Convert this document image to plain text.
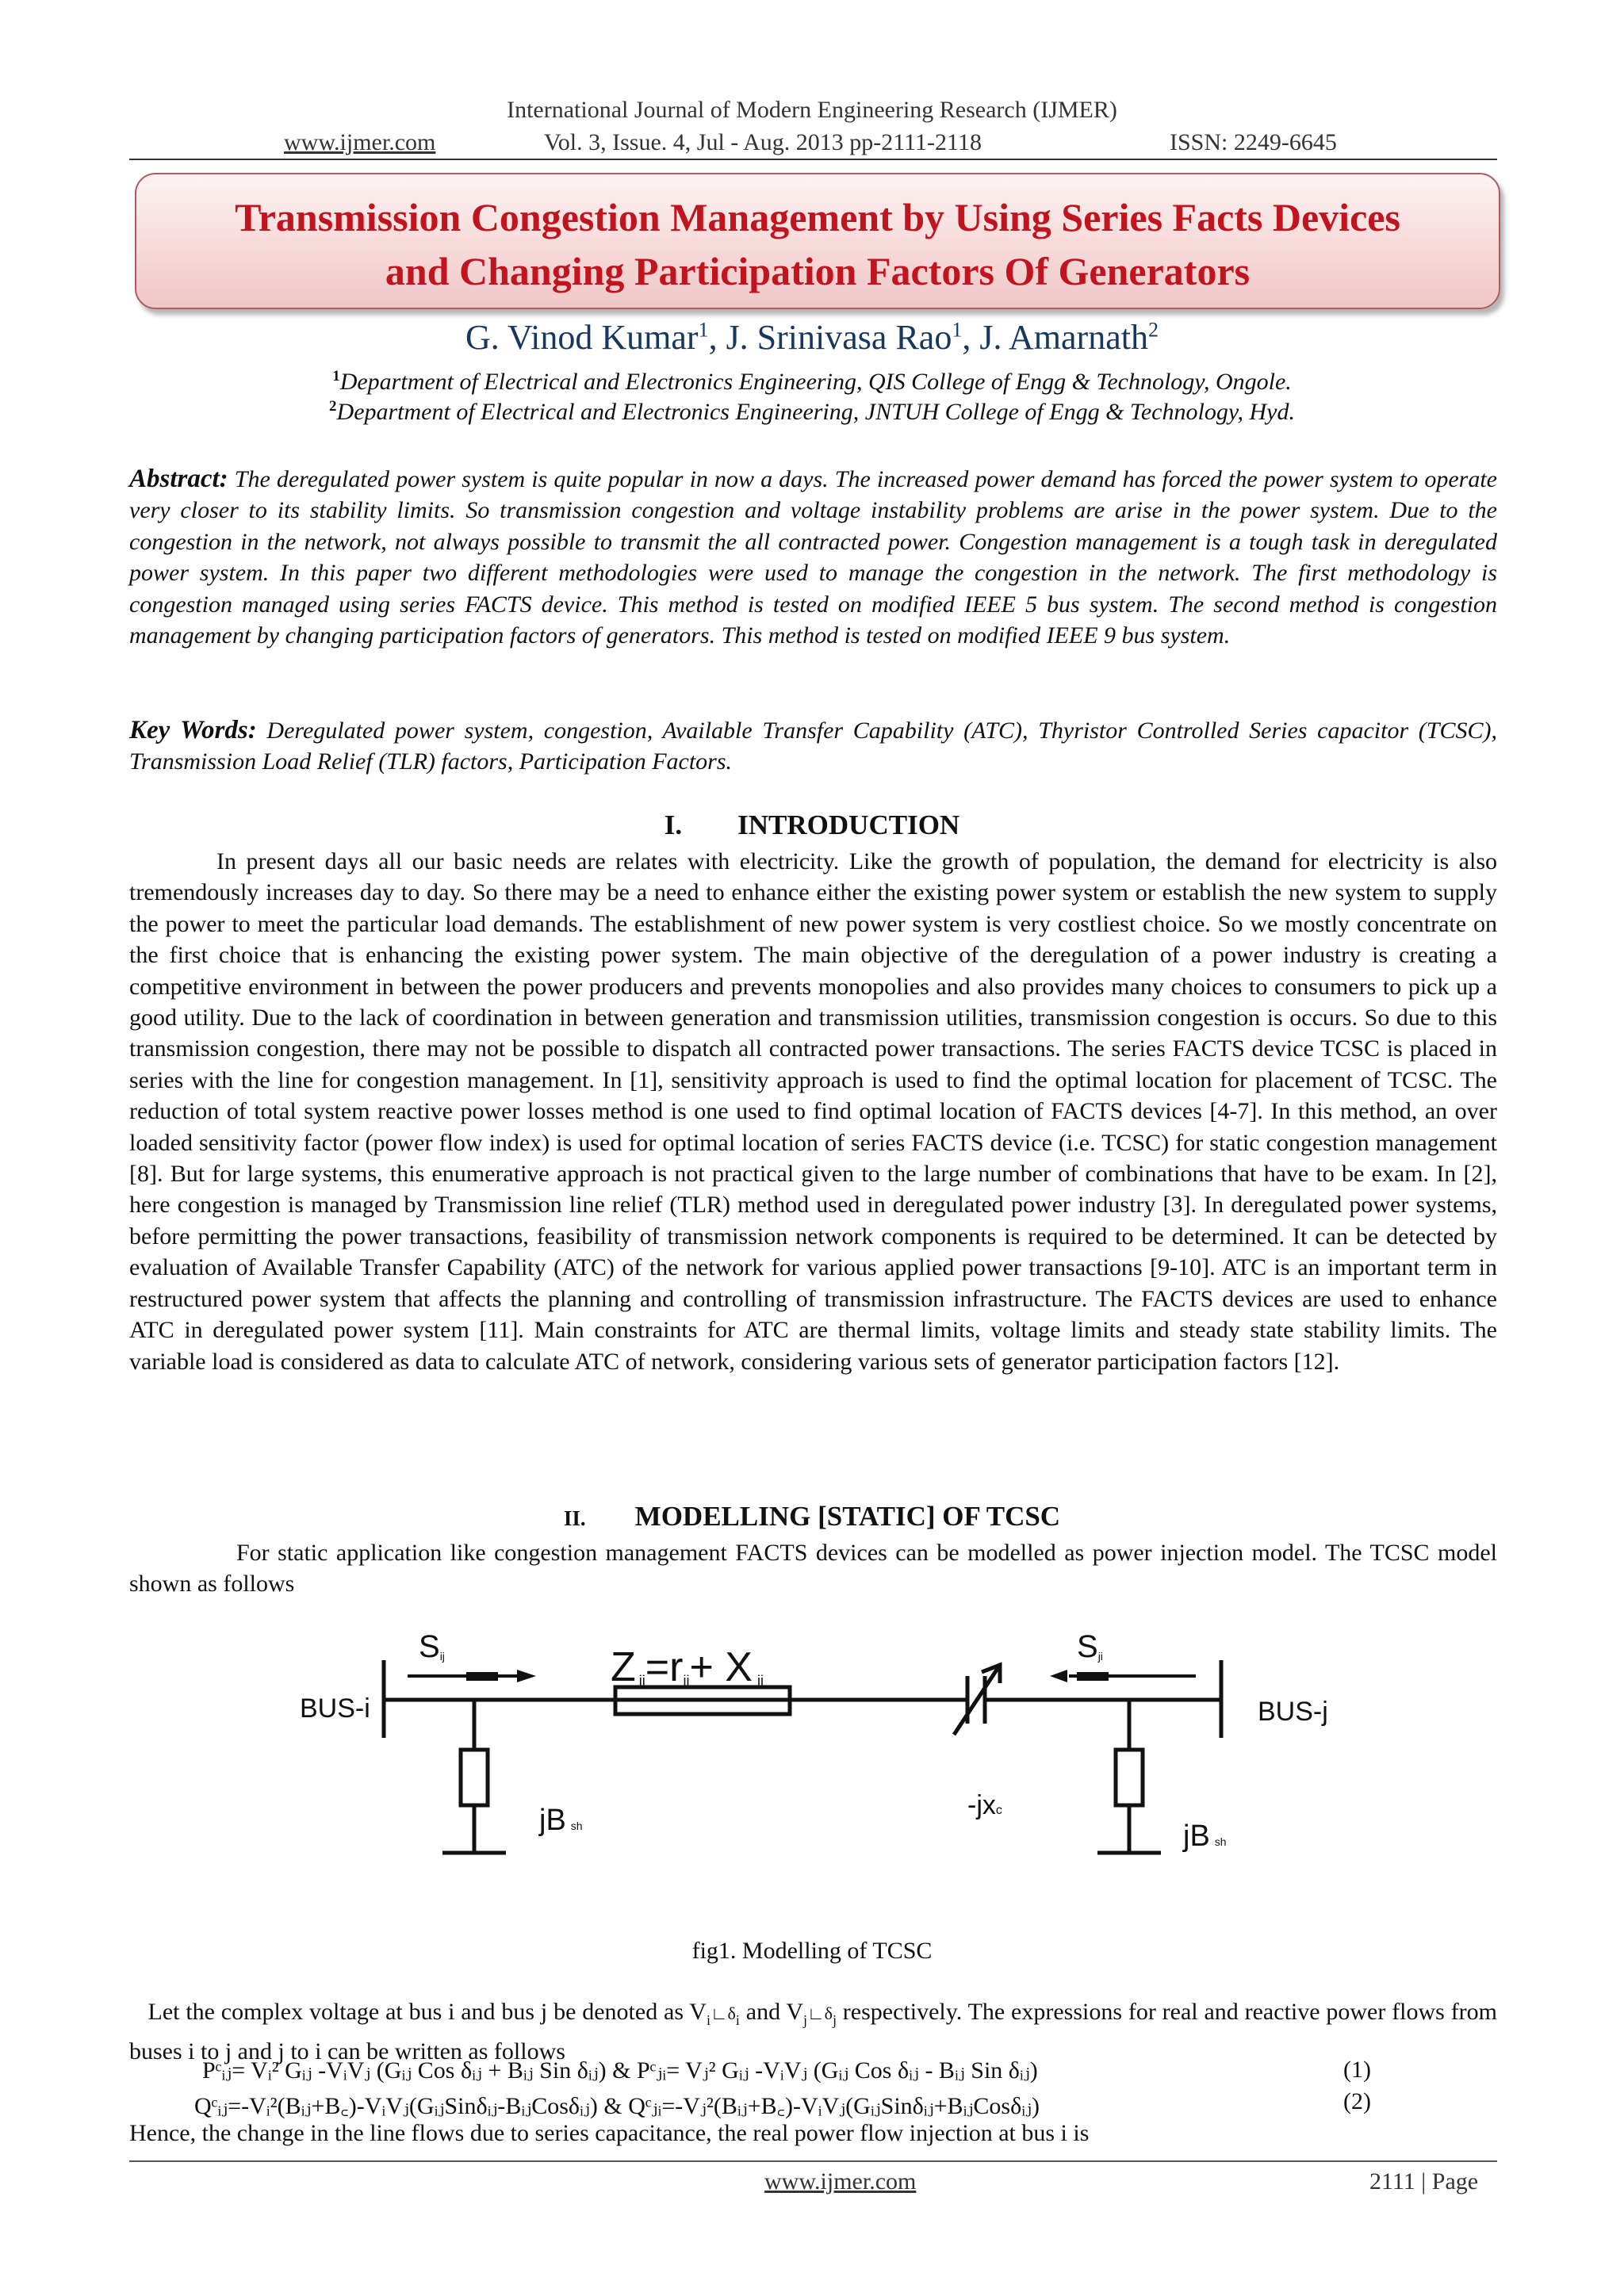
International Journal of Modern Engineering Research (IJMER)
www.ijmer.com	Vol. 3, Issue. 4, Jul - Aug. 2013 pp-2111-2118	ISSN: 2249-6645
Transmission Congestion Management by Using Series Facts Devices
and Changing Participation Factors Of Generators
G. Vinod Kumar$^1$, J. Srinivasa Rao$^1$, J. Amarnath$^2$
$^1$Department of Electrical and Electronics Engineering, QIS College of Engg & Technology, Ongole.
$^2$Department of Electrical and Electronics Engineering, JNTUH College of Engg & Technology, Hyd.
Abstract: The deregulated power system is quite popular in now a days. The increased power demand has forced the power system to operate very closer to its stability limits. So transmission congestion and voltage instability problems are arise in the power system. Due to the congestion in the network, not always possible to transmit the all contracted power. Congestion management is a tough task in deregulated power system. In this paper two different methodologies were used to manage the congestion in the network. The first methodology is congestion managed using series FACTS device. This method is tested on modified IEEE 5 bus system. The second method is congestion management by changing participation factors of generators. This method is tested on modified IEEE 9 bus system.
Key Words: Deregulated power system, congestion, Available Transfer Capability (ATC), Thyristor Controlled Series capacitor (TCSC), Transmission Load Relief (TLR) factors, Participation Factors.
I. INTRODUCTION
In present days all our basic needs are relates with electricity. Like the growth of population, the demand for electricity is also tremendously increases day to day. So there may be a need to enhance either the existing power system or establish the new system to supply the power to meet the particular load demands. The establishment of new power system is very costliest choice. So we mostly concentrate on the first choice that is enhancing the existing power system. The main objective of the deregulation of a power industry is creating a competitive environment in between the power producers and prevents monopolies and also provides many choices to consumers to pick up a good utility. Due to the lack of coordination in between generation and transmission utilities, transmission congestion is occurs. So due to this transmission congestion, there may not be possible to dispatch all contracted power transactions. The series FACTS device TCSC is placed in series with the line for congestion management. In [1], sensitivity approach is used to find the optimal location for placement of TCSC. The reduction of total system reactive power losses method is one used to find optimal location of FACTS devices [4-7]. In this method, an over loaded sensitivity factor (power flow index) is used for optimal location of series FACTS device (i.e. TCSC) for static congestion management [8]. But for large systems, this enumerative approach is not practical given to the large number of combinations that have to be exam. In [2], here congestion is managed by Transmission line relief (TLR) method used in deregulated power industry [3]. In deregulated power systems, before permitting the power transactions, feasibility of transmission network components is required to be determined. It can be detected by evaluation of Available Transfer Capability (ATC) of the network for various applied power transactions [9-10]. ATC is an important term in restructured power system that affects the planning and controlling of transmission infrastructure. The FACTS devices are used to enhance ATC in deregulated power system [11]. Main constraints for ATC are thermal limits, voltage limits and steady state stability limits. The variable load is considered as data to calculate ATC of network, considering various sets of generator participation factors [12].
II. MODELLING [STATIC] OF TCSC
For static application like congestion management FACTS devices can be modelled as power injection model. The TCSC model shown as follows
Sij	Sji
Zij=rij+ X ij
BUS-i	BUS-j
jB sh	jB sh
-jxc
fig1. Modelling of TCSC
Let the complex voltage at bus i and bus j be denoted as $V_i∟\delta_i$ and $V_j∟\delta_j$ respectively. The expressions for real and reactive power flows from buses i to j and j to i can be written as follows
Pᶜᵢⱼ= Vᵢ² Gᵢⱼ -VᵢVⱼ (Gᵢⱼ Cos δᵢⱼ + Bᵢⱼ Sin δᵢⱼ) & Pᶜⱼᵢ= Vⱼ² Gᵢⱼ -VᵢVⱼ (Gᵢⱼ Cos δᵢⱼ - Bᵢⱼ Sin δᵢⱼ)	(1)
Qᶜᵢⱼ=-Vᵢ²(Bᵢⱼ+B꜀)-VᵢVⱼ(GᵢⱼSinδᵢⱼ-BᵢⱼCosδᵢⱼ) & Qᶜⱼᵢ=-Vⱼ²(Bᵢⱼ+B꜀)-VᵢVⱼ(GᵢⱼSinδᵢⱼ+BᵢⱼCosδᵢⱼ)	(2)
Hence, the change in the line flows due to series capacitance, the real power flow injection at bus i is
www.ijmer.com	2111 | Page
